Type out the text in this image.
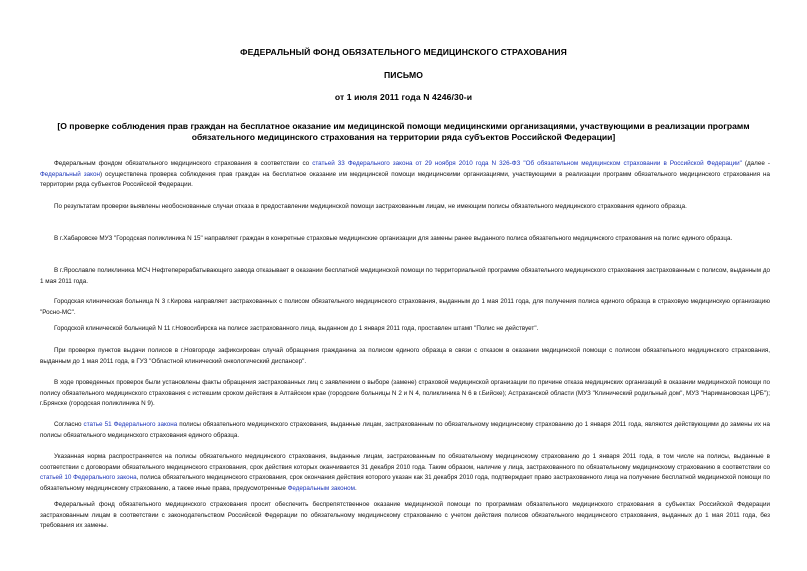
ФЕДЕРАЛЬНЫЙ ФОНД ОБЯЗАТЕЛЬНОГО МЕДИЦИНСКОГО СТРАХОВАНИЯ
ПИСЬМО
от 1 июля 2011 года N 4246/30-и
[О проверке соблюдения прав граждан на бесплатное оказание им медицинской помощи медицинскими организациями, участвующими в реализации программ
обязательного медицинского страхования на территории ряда субъектов Российской Федерации]

Федеральным фондом обязательного медицинского страхования в соответствии со статьей 33 Федерального закона от 29 ноября 2010 года N 326-ФЗ "Об обязательном медицинском страховании в Российской Федерации" (далее - Федеральный закон) осуществлена проверка соблюдения прав граждан на бесплатное оказание им медицинской помощи медицинскими организациями, участвующими в реализации программ обязательного медицинского страхования на территории ряда субъектов Российской Федерации.

По результатам проверки выявлены необоснованные случаи отказа в предоставлении медицинской помощи застрахованным лицам, не имеющим полисы обязательного медицинского страхования единого образца.

В г.Хабаровске МУЗ "Городская поликлиника N 15" направляет граждан в конкретные страховые медицинские организации для замены ранее выданного полиса обязательного медицинского страхования на полис единого образца.

В г.Ярославле поликлиника МСЧ Нефтеперерабатывающего завода отказывает в оказании бесплатной медицинской помощи по территориальной программе обязательного медицинского страхования застрахованным с полисом, выданным до 1 мая 2011 года.

Городская клиническая больница N 3 г.Кирова направляет застрахованных с полисом обязательного медицинского страхования, выданным до 1 мая 2011 года, для получения полиса единого образца в страховую медицинскую организацию "Росно-МС".

Городской клинической больницей N 11 г.Новосибирска на полисе застрахованного лица, выданном до 1 января 2011 года, проставлен штамп "Полис не действует".

При проверке пунктов выдачи полисов в г.Новгороде зафиксирован случай обращения гражданина за полисом единого образца в связи с отказом в оказании медицинской помощи с полисом обязательного медицинского страхования, выданным до 1 мая 2011 года, в ГУЗ "Областной клинический онкологический диспансер".

В ходе проведенных проверок были установлены факты обращения застрахованных лиц с заявлением о выборе (замене) страховой медицинской организации по причине отказа медицинских организаций в оказании медицинской помощи по полису обязательного медицинского страхования с истекшим сроком действия в Алтайском крае (городские больницы N 2 и N 4, поликлиника N 6 в г.Бийске); Астраханской области (МУЗ "Клинический родильный дом", МУЗ "Наримановская ЦРБ"); г.Брянске (городская поликлиника N 9).

Согласно статье 51 Федерального закона полисы обязательного медицинского страхования, выданные лицам, застрахованным по обязательному медицинскому страхованию до 1 января 2011 года, являются действующими до замены их на полисы обязательного медицинского страхования единого образца.

Указанная норма распространяется на полисы обязательного медицинского страхования, выданные лицам, застрахованным по обязательному медицинскому страхованию до 1 января 2011 года, в том числе на полисы, выданные в соответствии с договорами обязательного медицинского страхования, срок действия которых оканчивается 31 декабря 2010 года. Таким образом, наличие у лица, застрахованного по обязательному медицинскому страхованию в соответствии со статьей 10 Федерального закона, полиса обязательного медицинского страхования, срок окончания действия которого указан как 31 декабря 2010 года, подтверждает право застрахованного лица на получение бесплатной медицинской помощи по обязательному медицинскому страхованию, а также иные права, предусмотренные Федеральным законом.

Федеральный фонд обязательного медицинского страхования просит обеспечить беспрепятственное оказание медицинской помощи по программам обязательного медицинского страхования в субъектах Российской Федерации застрахованным лицам в соответствии с законодательством Российской Федерации по обязательному медицинскому страхованию с учетом действия полисов обязательного медицинского страхования, выданных до 1 мая 2011 года, без требования их замены.
